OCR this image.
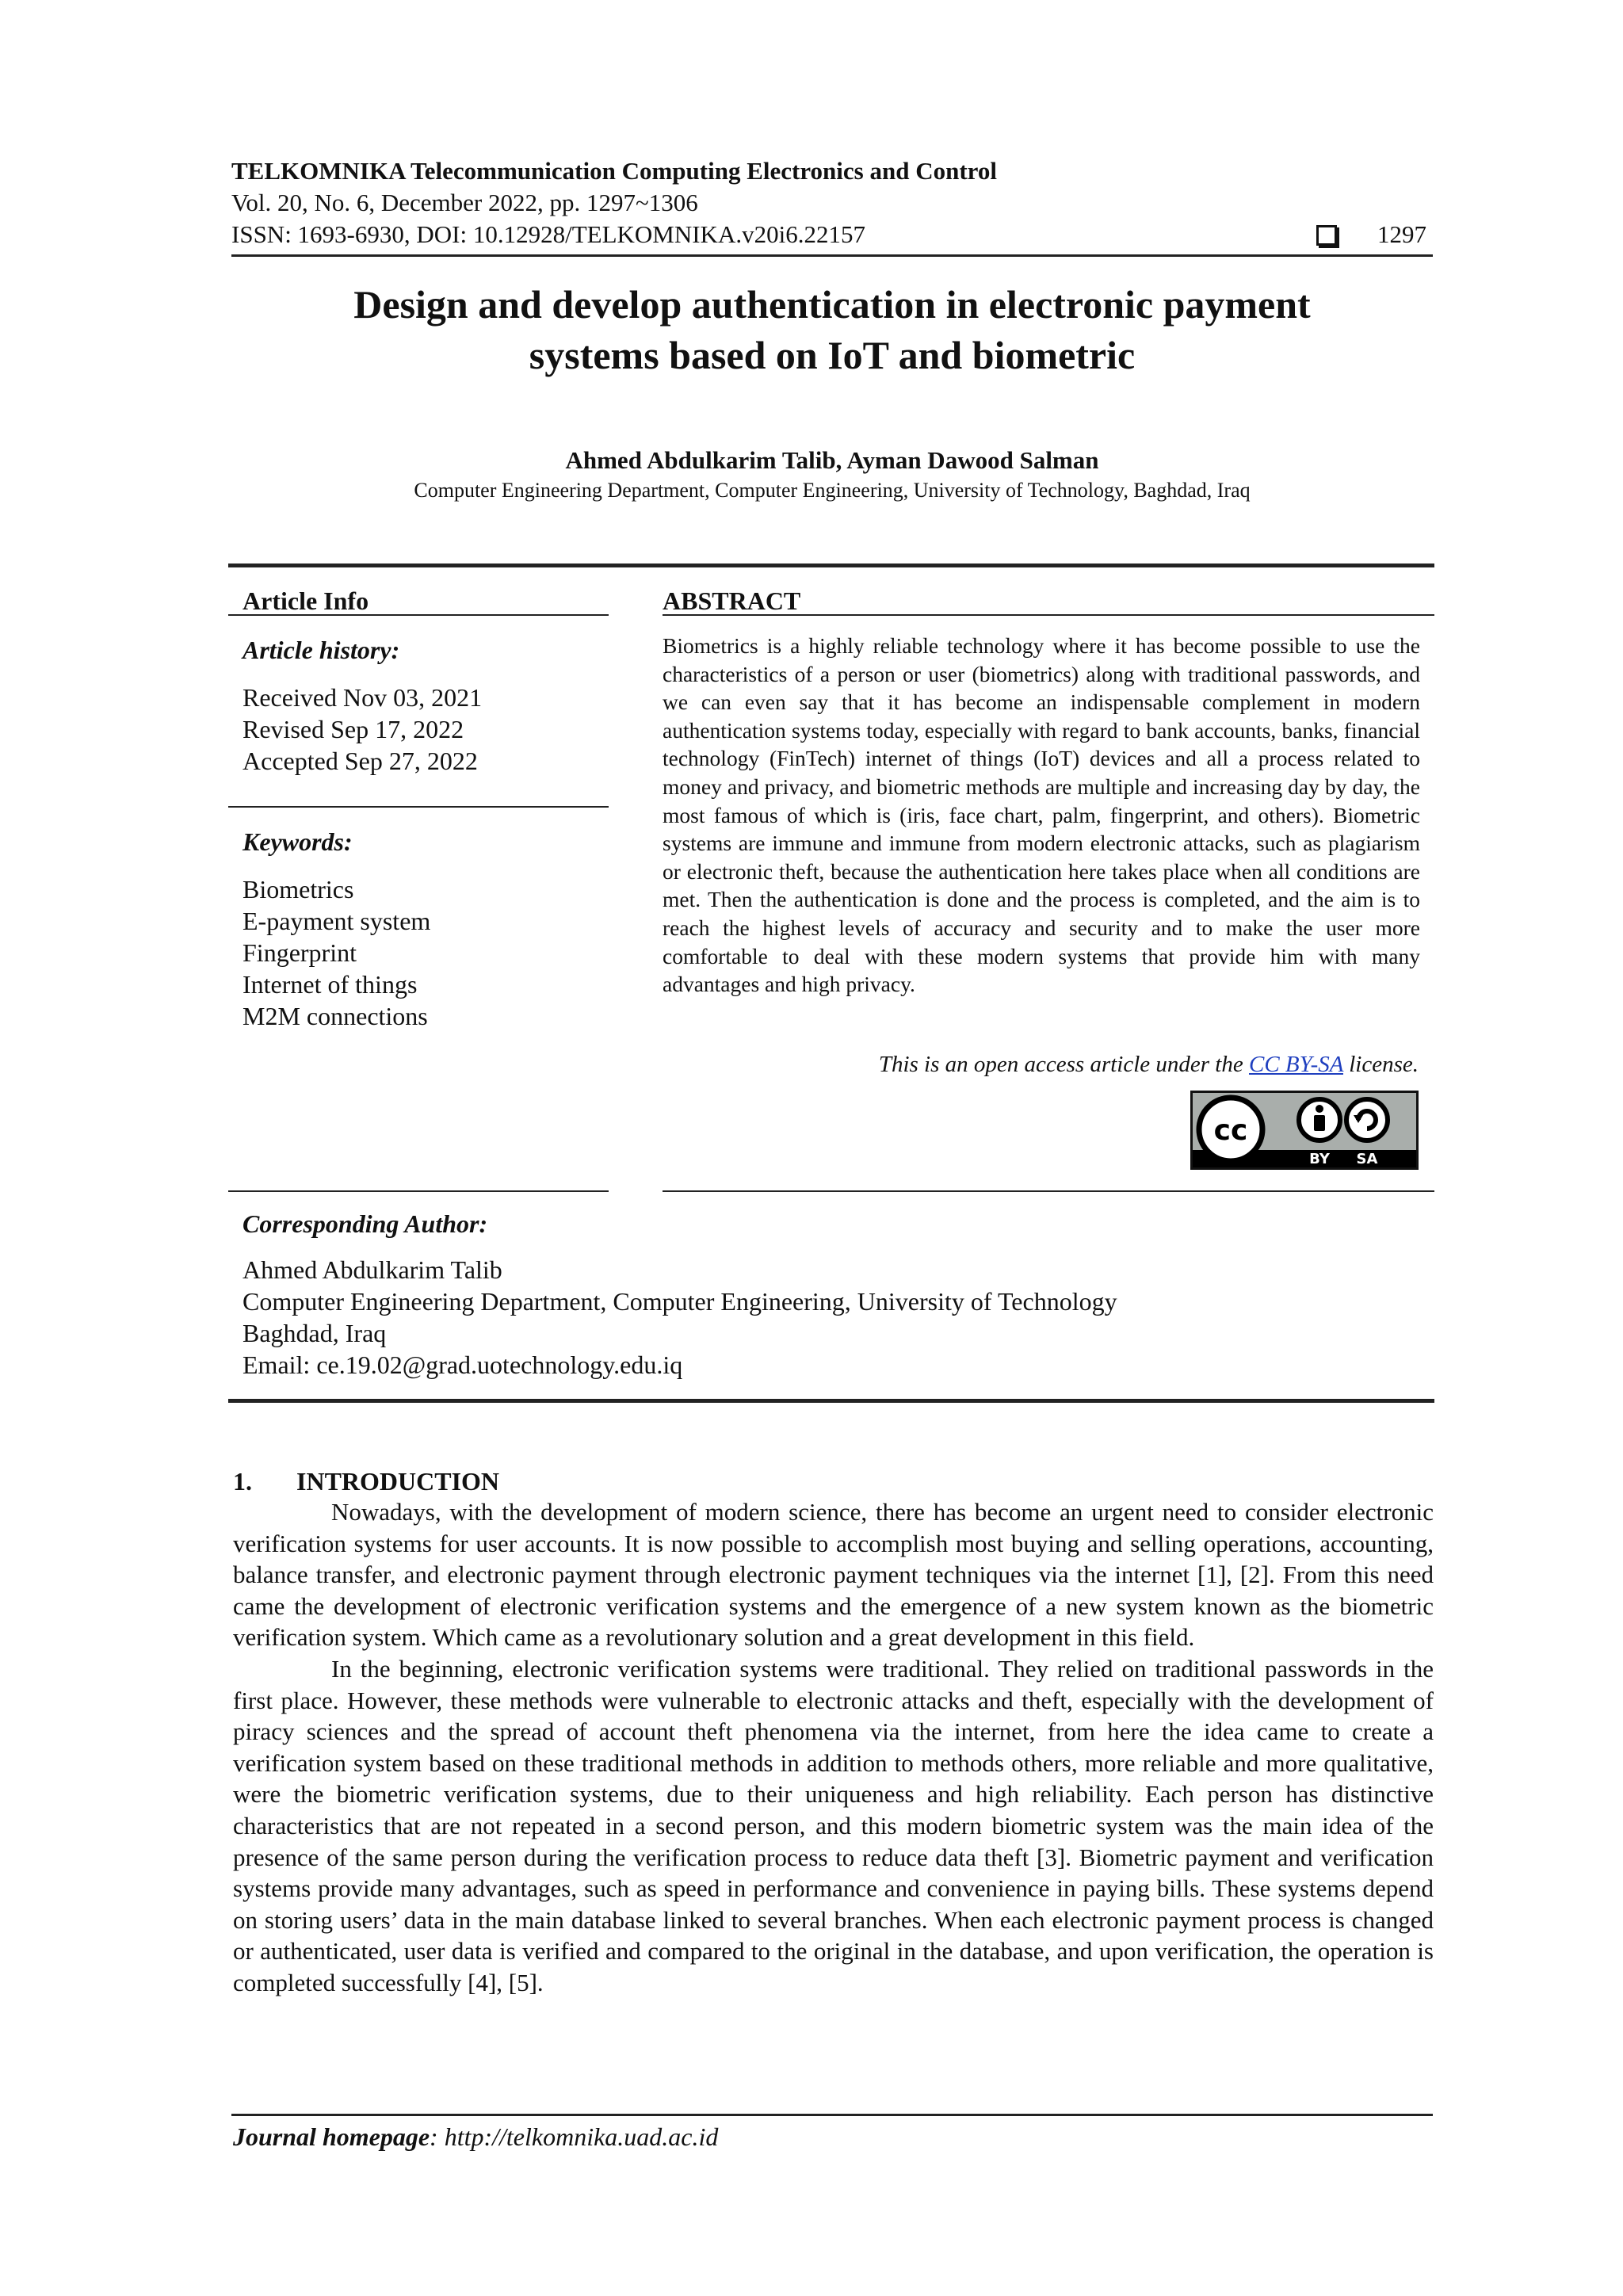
TELKOMNIKA Telecommunication Computing Electronics and Control
Vol. 20, No. 6, December 2022, pp. 1297~1306
ISSN: 1693-6930, DOI: 10.12928/TELKOMNIKA.v20i6.22157	1297
Design and develop authentication in electronic payment
systems based on IoT and biometric
Ahmed Abdulkarim Talib, Ayman Dawood Salman
Computer Engineering Department, Computer Engineering, University of Technology, Baghdad, Iraq
Article Info
Article history:
Received Nov 03, 2021
Revised Sep 17, 2022
Accepted Sep 27, 2022
Keywords:
Biometrics
E-payment system
Fingerprint
Internet of things
M2M connections
ABSTRACT
Biometrics is a highly reliable technology where it has become possible to use the characteristics of a person or user (biometrics) along with traditional passwords, and we can even say that it has become an indispensable complement in modern authentication systems today, especially with regard to bank accounts, banks, financial technology (FinTech) internet of things (IoT) devices and all a process related to money and privacy, and biometric methods are multiple and increasing day by day, the most famous of which is (iris, face chart, palm, fingerprint, and others). Biometric systems are immune and immune from modern electronic attacks, such as plagiarism or electronic theft, because the authentication here takes place when all conditions are met. Then the authentication is done and the process is completed, and the aim is to reach the highest levels of accuracy and security and to make the user more comfortable to deal with these modern systems that provide him with many advantages and high privacy.
This is an open access article under the CC BY-SA license.
cc
BY SA
Corresponding Author:
Ahmed Abdulkarim Talib
Computer Engineering Department, Computer Engineering, University of Technology
Baghdad, Iraq
Email: ce.19.02@grad.uotechnology.edu.iq
1. INTRODUCTION

Nowadays, with the development of modern science, there has become an urgent need to consider electronic verification systems for user accounts. It is now possible to accomplish most buying and selling operations, accounting, balance transfer, and electronic payment through electronic payment techniques via the internet [1], [2]. From this need came the development of electronic verification systems and the emergence of a new system known as the biometric verification system. Which came as a revolutionary solution and a great development in this field.

In the beginning, electronic verification systems were traditional. They relied on traditional passwords in the first place. However, these methods were vulnerable to electronic attacks and theft, especially with the development of piracy sciences and the spread of account theft phenomena via the internet, from here the idea came to create a verification system based on these traditional methods in addition to methods others, more reliable and more qualitative, were the biometric verification systems, due to their uniqueness and high reliability. Each person has distinctive characteristics that are not repeated in a second person, and this modern biometric system was the main idea of the presence of the same person during the verification process to reduce data theft [3]. Biometric payment and verification systems provide many advantages, such as speed in performance and convenience in paying bills. These systems depend on storing users’ data in the main database linked to several branches. When each electronic payment process is changed or authenticated, user data is verified and compared to the original in the database, and upon verification, the operation is completed successfully [4], [5].

Journal homepage: http://telkomnika.uad.ac.id
